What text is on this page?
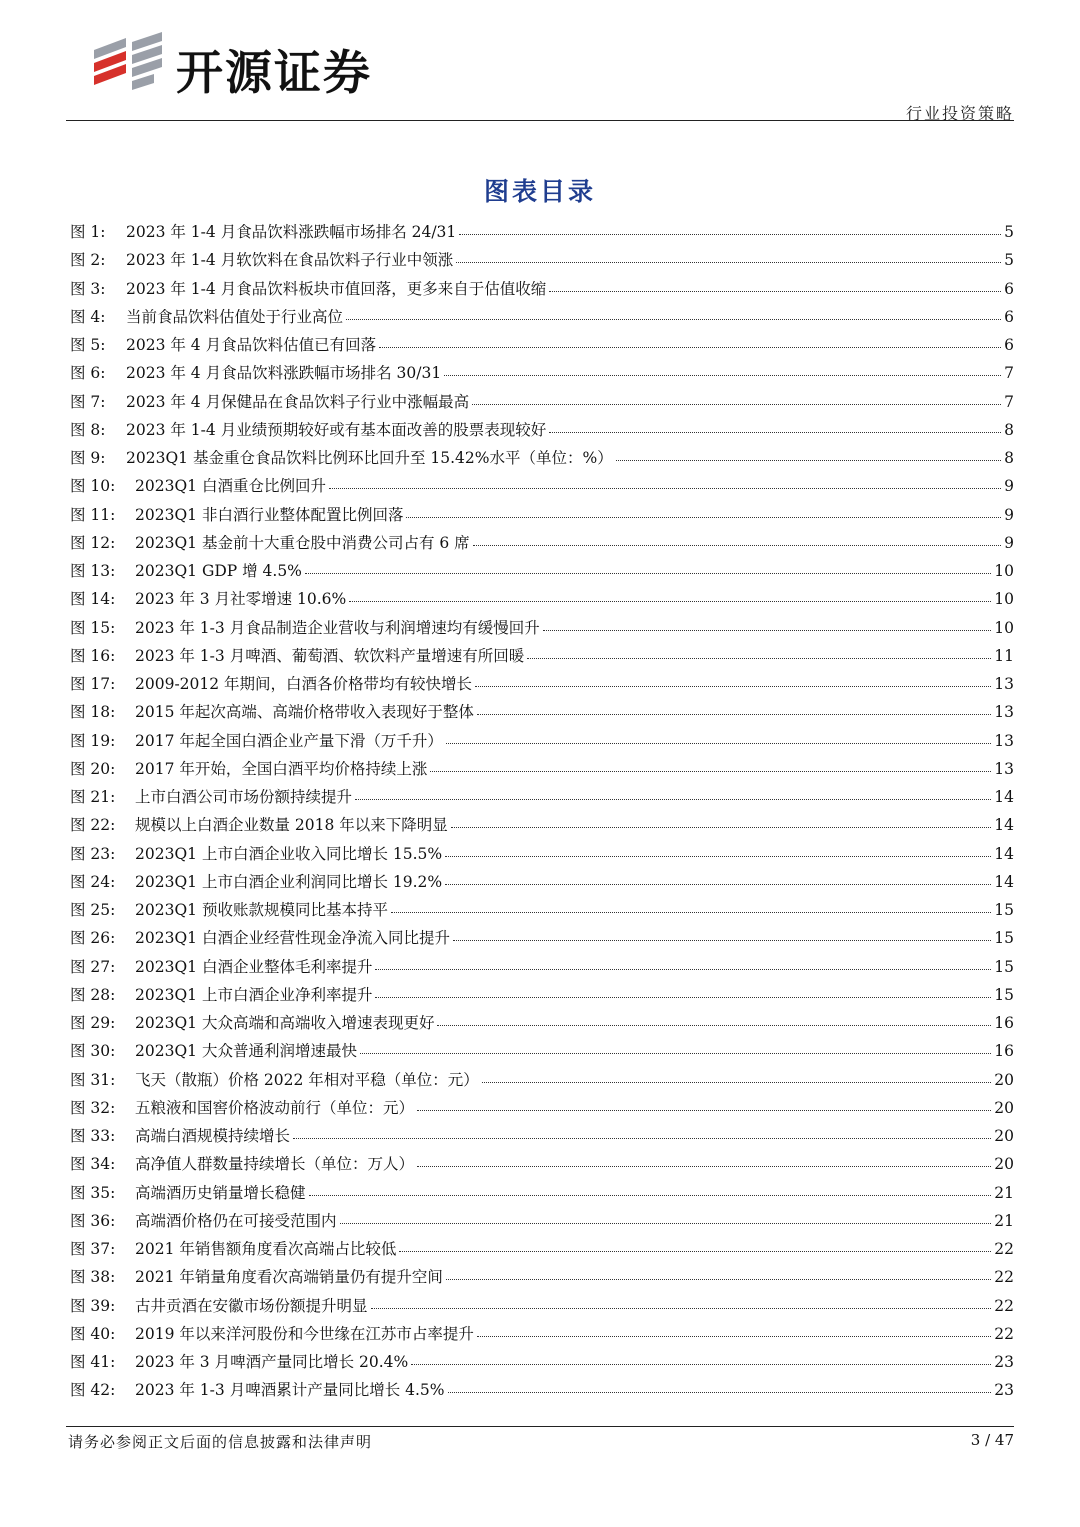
开源证券
行业投资策略
图表目录
图 1:	2023 年 1-4 月食品饮料涨跌幅市场排名 24/31	5
图 2:	2023 年 1-4 月软饮料在食品饮料子行业中领涨	5
图 3:	2023 年 1-4 月食品饮料板块市值回落，更多来自于估值收缩	6
图 4:	当前食品饮料估值处于行业高位	6
图 5:	2023 年 4 月食品饮料估值已有回落	6
图 6:	2023 年 4 月食品饮料涨跌幅市场排名 30/31	7
图 7:	2023 年 4 月保健品在食品饮料子行业中涨幅最高	7
图 8:	2023 年 1-4 月业绩预期较好或有基本面改善的股票表现较好	8
图 9:	2023Q1 基金重仓食品饮料比例环比回升至 15.42%水平（单位：%）	8
图 10:	2023Q1 白酒重仓比例回升	9
图 11:	2023Q1 非白酒行业整体配置比例回落	9
图 12:	2023Q1 基金前十大重仓股中消费公司占有 6 席	9
图 13:	2023Q1 GDP 增 4.5%	10
图 14:	2023 年 3 月社零增速 10.6%	10
图 15:	2023 年 1-3 月食品制造企业营收与利润增速均有缓慢回升	10
图 16:	2023 年 1-3 月啤酒、葡萄酒、软饮料产量增速有所回暖	11
图 17:	2009-2012 年期间，白酒各价格带均有较快增长	13
图 18:	2015 年起次高端、高端价格带收入表现好于整体	13
图 19:	2017 年起全国白酒企业产量下滑（万千升）	13
图 20:	2017 年开始，全国白酒平均价格持续上涨	13
图 21:	上市白酒公司市场份额持续提升	14
图 22:	规模以上白酒企业数量 2018 年以来下降明显	14
图 23:	2023Q1 上市白酒企业收入同比增长 15.5%	14
图 24:	2023Q1 上市白酒企业利润同比增长 19.2%	14
图 25:	2023Q1 预收账款规模同比基本持平	15
图 26:	2023Q1 白酒企业经营性现金净流入同比提升	15
图 27:	2023Q1 白酒企业整体毛利率提升	15
图 28:	2023Q1 上市白酒企业净利率提升	15
图 29:	2023Q1 大众高端和高端收入增速表现更好	16
图 30:	2023Q1 大众普通利润增速最快	16
图 31:	飞天（散瓶）价格 2022 年相对平稳（单位：元）	20
图 32:	五粮液和国窖价格波动前行（单位：元）	20
图 33:	高端白酒规模持续增长	20
图 34:	高净值人群数量持续增长（单位：万人）	20
图 35:	高端酒历史销量增长稳健	21
图 36:	高端酒价格仍在可接受范围内	21
图 37:	2021 年销售额角度看次高端占比较低	22
图 38:	2021 年销量角度看次高端销量仍有提升空间	22
图 39:	古井贡酒在安徽市场份额提升明显	22
图 40:	2019 年以来洋河股份和今世缘在江苏市占率提升	22
图 41:	2023 年 3 月啤酒产量同比增长 20.4%	23
图 42:	2023 年 1-3 月啤酒累计产量同比增长 4.5%	23
请务必参阅正文后面的信息披露和法律声明	3 / 47
